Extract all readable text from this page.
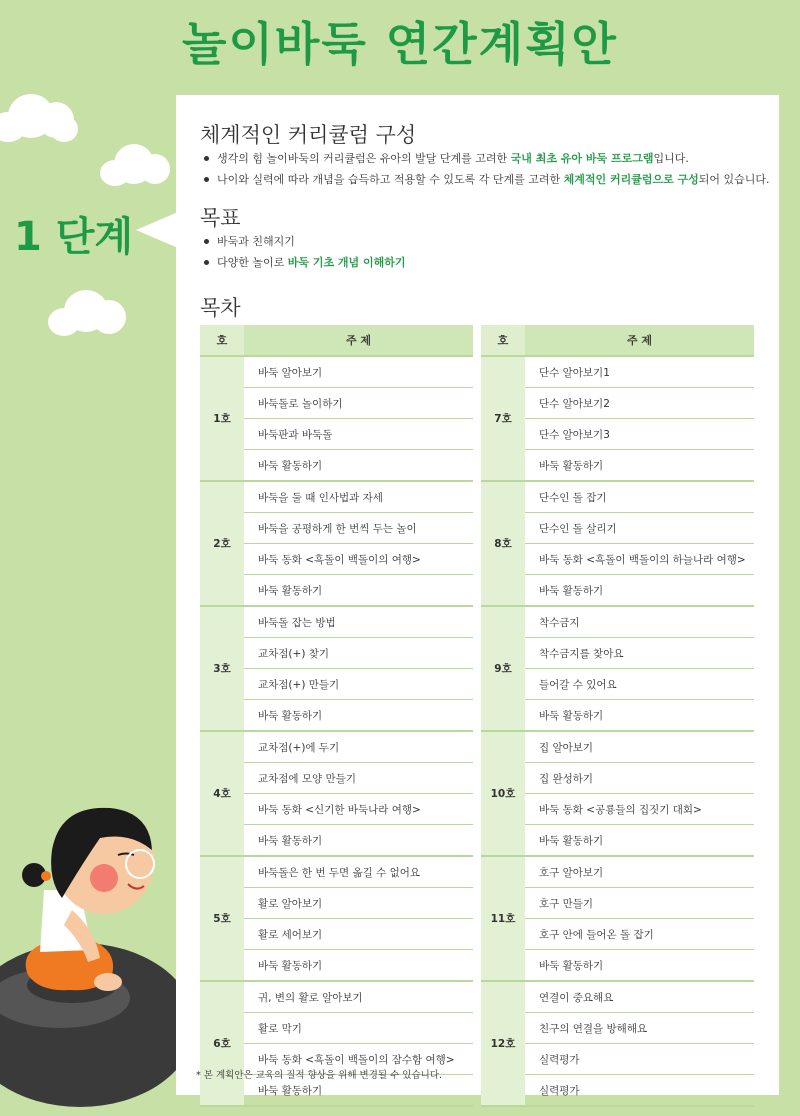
놀이바둑 연간계획안
1 단계
체계적인 커리큘럼 구성
생각의 힘 놀이바둑의 커리큘럼은 유아의 발달 단계를 고려한 국내 최초 유아 바둑 프로그램입니다.
나이와 실력에 따라 개념을 습득하고 적용할 수 있도록 각 단계를 고려한 체계적인 커리큘럼으로 구성되어 있습니다.
목표
바둑과 친해지기
다양한 놀이로 바둑 기초 개념 이해하기
목차
호	주 제
1호	바둑 알아보기
	바둑돌로 놀이하기
	바둑판과 바둑돌
	바둑 활동하기
2호	바둑을 둘 때 인사법과 자세
	바둑을 공평하게 한 번씩 두는 놀이
	바둑 동화 <흑돌이 백돌이의 여행>
	바둑 활동하기
3호	바둑돌 잡는 방법
	교차점(+) 찾기
	교차점(+) 만들기
	바둑 활동하기
4호	교차점(+)에 두기
	교차점에 모양 만들기
	바둑 동화 <신기한 바둑나라 여행>
	바둑 활동하기
5호	바둑돌은 한 번 두면 옮길 수 없어요
	활로 알아보기
	활로 세어보기
	바둑 활동하기
6호	귀, 변의 활로 알아보기
	활로 막기
	바둑 동화 <흑돌이 백돌이의 잠수함 여행>
	바둑 활동하기
호	주 제
7호	단수 알아보기1
	단수 알아보기2
	단수 알아보기3
	바둑 활동하기
8호	단수인 돌 잡기
	단수인 돌 살리기
	바둑 동화 <흑돌이 백돌이의 하늘나라 여행>
	바둑 활동하기
9호	착수금지
	착수금지를 찾아요
	들어갈 수 있어요
	바둑 활동하기
10호	집 알아보기
	집 완성하기
	바둑 동화 <공룡들의 집짓기 대회>
	바둑 활동하기
11호	호구 알아보기
	호구 만들기
	호구 안에 들어온 돌 잡기
	바둑 활동하기
12호	연결이 중요해요
	친구의 연결을 방해해요
	실력평가
	실력평가
* 본 계획안은 교육의 질적 향상을 위해 변경될 수 있습니다.
